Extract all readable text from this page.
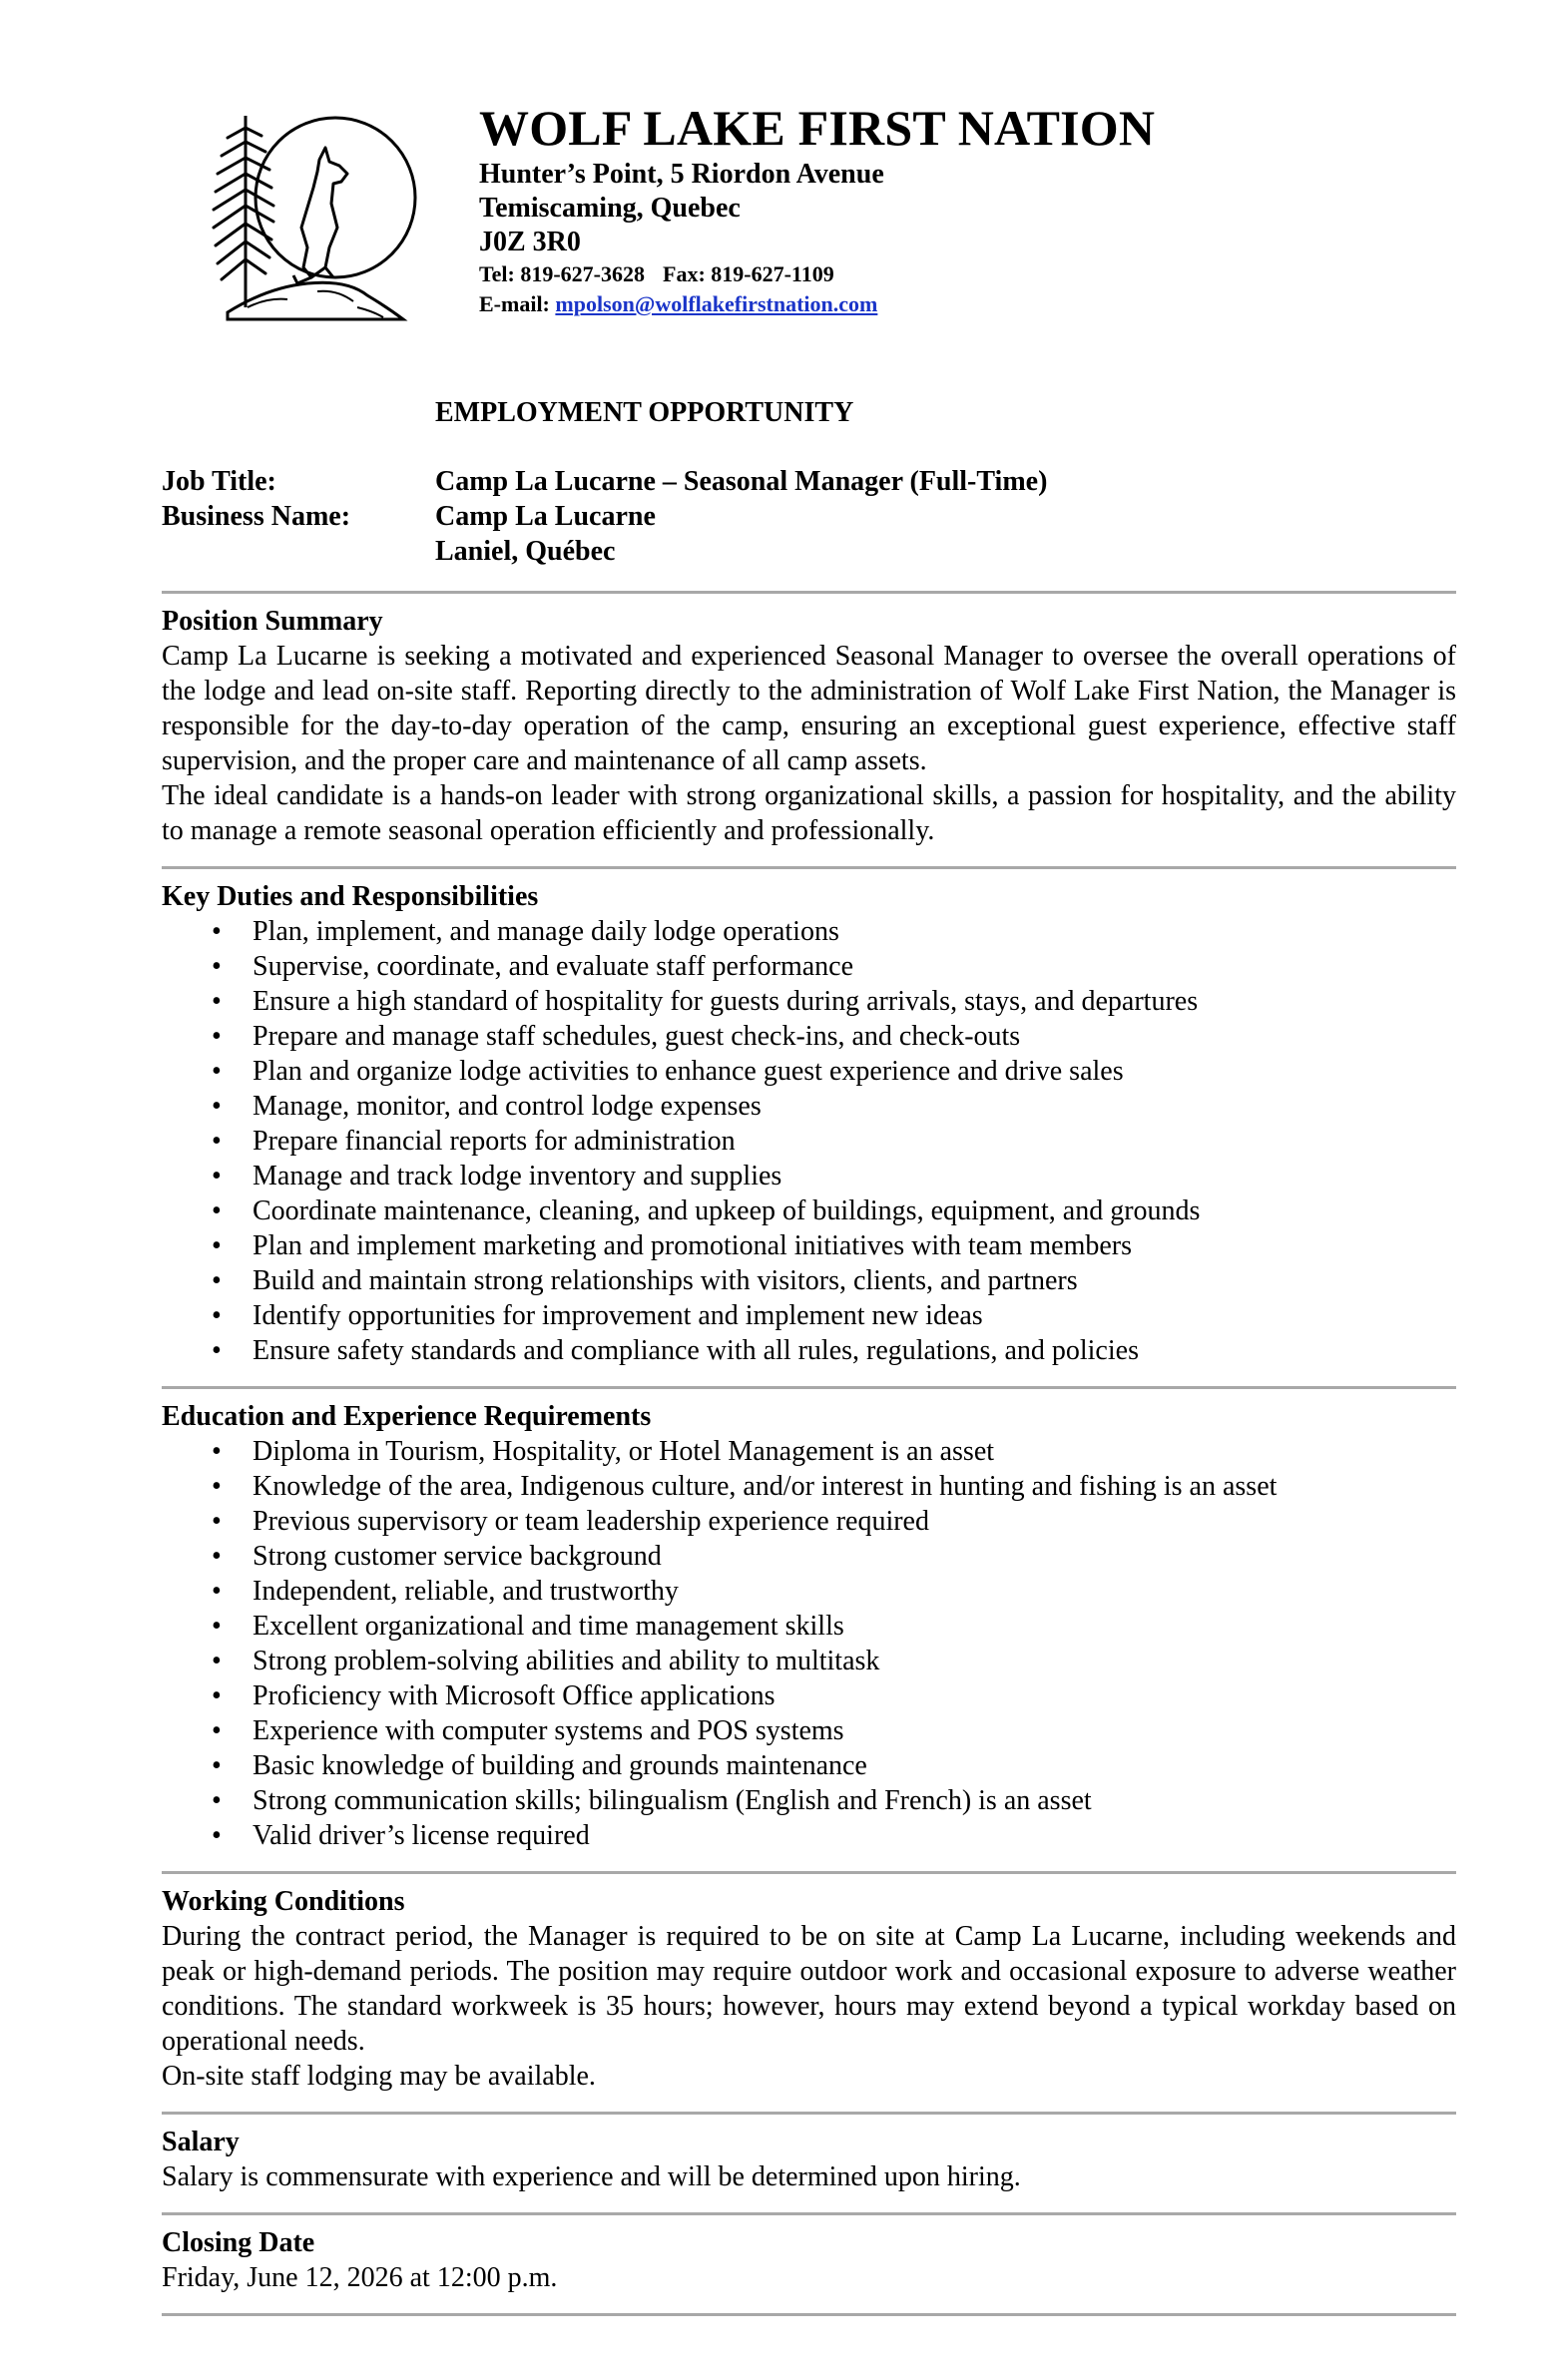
WOLF LAKE FIRST NATION
Hunter’s Point, 5 Riordon Avenue
Temiscaming, Quebec
J0Z 3R0
Tel: 819-627-3628 Fax: 819-627-1109
E-mail: mpolson@wolflakefirstnation.com
EMPLOYMENT OPPORTUNITY
Job Title:	Camp La Lucarne – Seasonal Manager (Full-Time)
Business Name:	Camp La Lucarne
Laniel, Québec
Position Summary
Camp La Lucarne is seeking a motivated and experienced Seasonal Manager to oversee the overall operations of the lodge and lead on-site staff. Reporting directly to the administration of Wolf Lake First Nation, the Manager is responsible for the day-to-day operation of the camp, ensuring an exceptional guest experience, effective staff supervision, and the proper care and maintenance of all camp assets.
The ideal candidate is a hands-on leader with strong organizational skills, a passion for hospitality, and the ability to manage a remote seasonal operation efficiently and professionally.
Key Duties and Responsibilities
• Plan, implement, and manage daily lodge operations
• Supervise, coordinate, and evaluate staff performance
• Ensure a high standard of hospitality for guests during arrivals, stays, and departures
• Prepare and manage staff schedules, guest check-ins, and check-outs
• Plan and organize lodge activities to enhance guest experience and drive sales
• Manage, monitor, and control lodge expenses
• Prepare financial reports for administration
• Manage and track lodge inventory and supplies
• Coordinate maintenance, cleaning, and upkeep of buildings, equipment, and grounds
• Plan and implement marketing and promotional initiatives with team members
• Build and maintain strong relationships with visitors, clients, and partners
• Identify opportunities for improvement and implement new ideas
• Ensure safety standards and compliance with all rules, regulations, and policies
Education and Experience Requirements
• Diploma in Tourism, Hospitality, or Hotel Management is an asset
• Knowledge of the area, Indigenous culture, and/or interest in hunting and fishing is an asset
• Previous supervisory or team leadership experience required
• Strong customer service background
• Independent, reliable, and trustworthy
• Excellent organizational and time management skills
• Strong problem-solving abilities and ability to multitask
• Proficiency with Microsoft Office applications
• Experience with computer systems and POS systems
• Basic knowledge of building and grounds maintenance
• Strong communication skills; bilingualism (English and French) is an asset
• Valid driver’s license required
Working Conditions
During the contract period, the Manager is required to be on site at Camp La Lucarne, including weekends and peak or high-demand periods. The position may require outdoor work and occasional exposure to adverse weather conditions. The standard workweek is 35 hours; however, hours may extend beyond a typical workday based on operational needs.
On-site staff lodging may be available.
Salary
Salary is commensurate with experience and will be determined upon hiring.
Closing Date
Friday, June 12, 2026 at 12:00 p.m.
